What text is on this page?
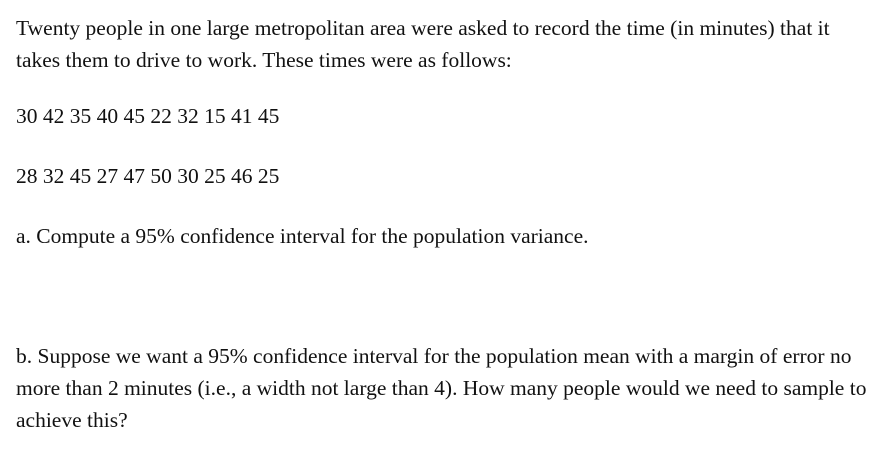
Twenty people in one large metropolitan area were asked to record the time (in minutes) that it takes them to drive to work. These times were as follows:

30 42 35 40 45 22 32 15 41 45

28 32 45 27 47 50 30 25 46 25

a. Compute a 95% confidence interval for the population variance.

b. Suppose we want a 95% confidence interval for the population mean with a margin of error no more than 2 minutes (i.e., a width not large than 4). How many people would we need to sample to achieve this?
